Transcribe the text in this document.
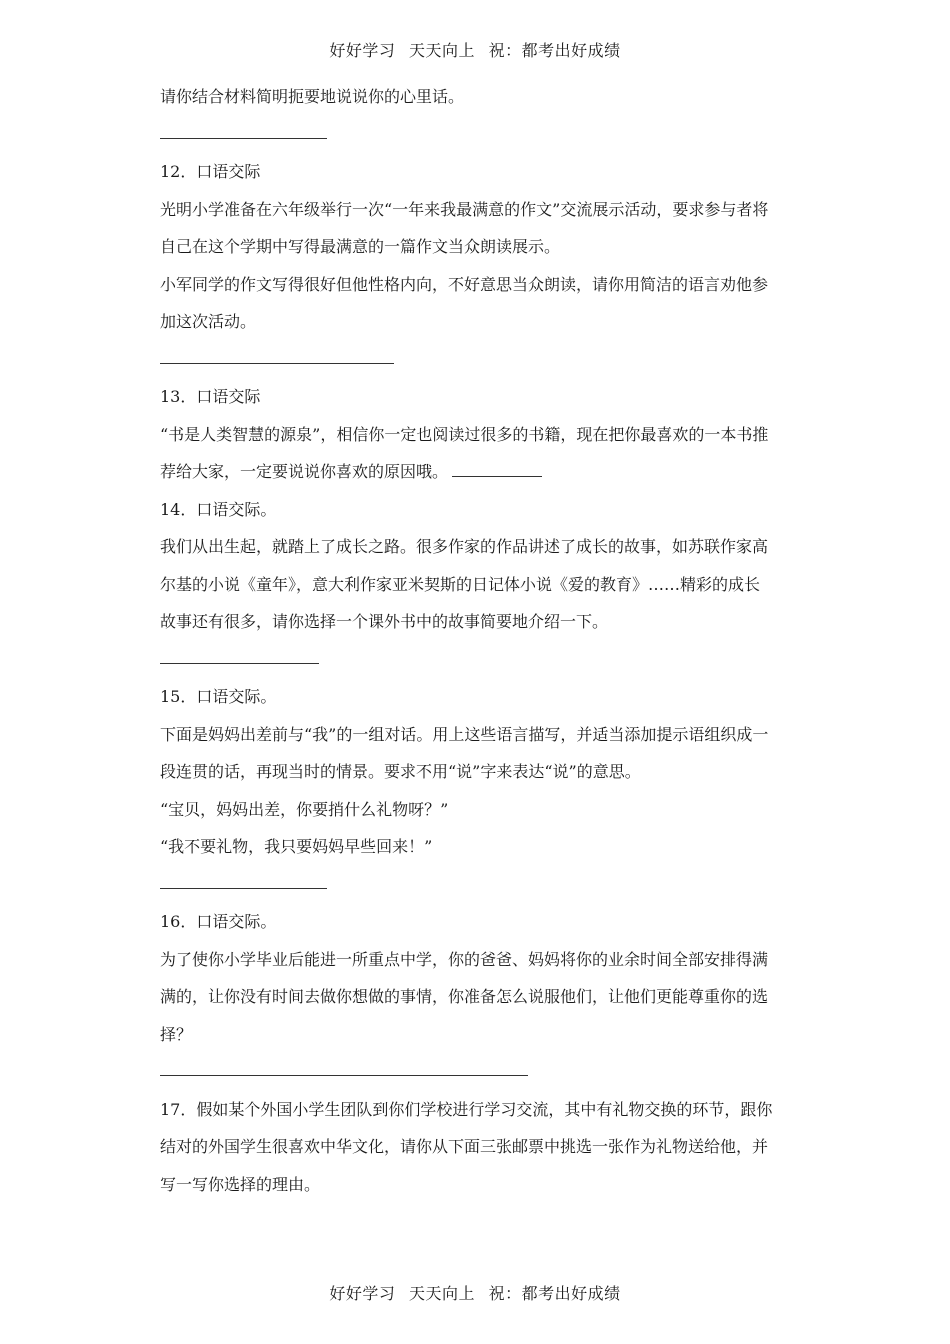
好好学习 天天向上 祝：都考出好成绩
请你结合材料简明扼要地说说你的心里话。
12．口语交际
光明小学准备在六年级举行一次“一年来我最满意的作文”交流展示活动，要求参与者将
自己在这个学期中写得最满意的一篇作文当众朗读展示。
小军同学的作文写得很好但他性格内向，不好意思当众朗读，请你用简洁的语言劝他参
加这次活动。
13．口语交际
“书是人类智慧的源泉”，相信你一定也阅读过很多的书籍，现在把你最喜欢的一本书推
荐给大家，一定要说说你喜欢的原因哦。
14．口语交际。
我们从出生起，就踏上了成长之路。很多作家的作品讲述了成长的故事，如苏联作家高
尔基的小说《童年》，意大利作家亚米契斯的日记体小说《爱的教育》……精彩的成长
故事还有很多，请你选择一个课外书中的故事简要地介绍一下。
15．口语交际。
下面是妈妈出差前与“我”的一组对话。用上这些语言描写，并适当添加提示语组织成一
段连贯的话，再现当时的情景。要求不用“说”字来表达“说”的意思。
“宝贝，妈妈出差，你要捎什么礼物呀？”
“我不要礼物，我只要妈妈早些回来！”
16．口语交际。
为了使你小学毕业后能进一所重点中学，你的爸爸、妈妈将你的业余时间全部安排得满
满的，让你没有时间去做你想做的事情，你准备怎么说服他们，让他们更能尊重你的选
择？
17．假如某个外国小学生团队到你们学校进行学习交流，其中有礼物交换的环节，跟你
结对的外国学生很喜欢中华文化，请你从下面三张邮票中挑选一张作为礼物送给他，并
写一写你选择的理由。
好好学习 天天向上 祝：都考出好成绩
